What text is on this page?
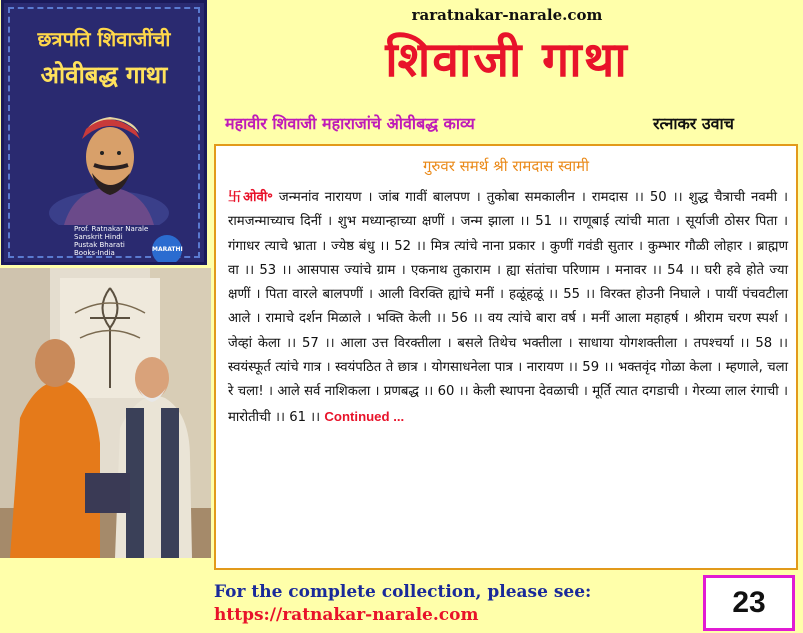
छत्रपति शिवाजींची
ओवीबद्ध गाथा
Prof. Ratnakar Narale
Sanskrit Hindi
Pustak Bharati
Books-India	MARATHI
raratnakar-narale.com
शिवाजी गाथा
महावीर शिवाजी महाराजांचे ओवीबद्ध काव्य	रत्नाकर उवाच
गुरुवर समर्थ श्री रामदास स्वामी
卐ओवी॰ जन्मनांव नारायण । जांब गावीं बालपण । तुकोबा समकालीन । रामदास ।। 50 ।। शुद्ध चैत्राची नवमी । रामजन्माच्याच दिनीं । शुभ मध्यान्हाच्या क्षणीं । जन्म झाला ।। 51 ।। राणूबाई त्यांची माता । सूर्याजी ठोसर पिता । गंगाधर त्याचे भ्राता । ज्येष्ठ बंधु ।। 52 ।। मित्र त्यांचे नाना प्रकार । कुणीं गवंडी सुतार । कुम्भार गौळी लोहार । ब्राह्मण वा ।। 53 ।। आसपास ज्यांचे ग्राम । एकनाथ तुकाराम । ह्या संतांचा परिणाम । मनावर ।। 54 ।। घरी हवे होते ज्या क्षणीं । पिता वारले बालपणीं । आली विरक्ति ह्यांचे मनीं । हळूंहळूं ।। 55 ।। विरक्त होउनी निघाले । पायीं पंचवटीला आले । रामाचे दर्शन मिळाले । भक्ति केली ।। 56 ।। वय त्यांचे बारा वर्ष । मनीं आला महाहर्ष । श्रीराम चरण स्पर्श । जेव्हां केला ।। 57 ।। आला उत्त विरक्तीला । बसले तिथेच भक्तीला । साधाया योगशक्तीला । तपश्चर्या ।। 58 ।। स्वयंस्फूर्त त्यांचे गात्र । स्वयंपठित ते छात्र । योगसाधनेला पात्र । नारायण ।। 59 ।। भक्तवृंद गोळा केला । म्हणाले, चला रे चला! । आले सर्व नाशिकला । प्रणबद्ध ।। 60 ।। केली स्थापना देवळाची । मूर्ति त्यात दगडाची । गेरव्या लाल रंगाची । मारोतीची ।। 61 ।। Continued ...
For the complete collection, please see:
https://ratnakar-narale.com	23
